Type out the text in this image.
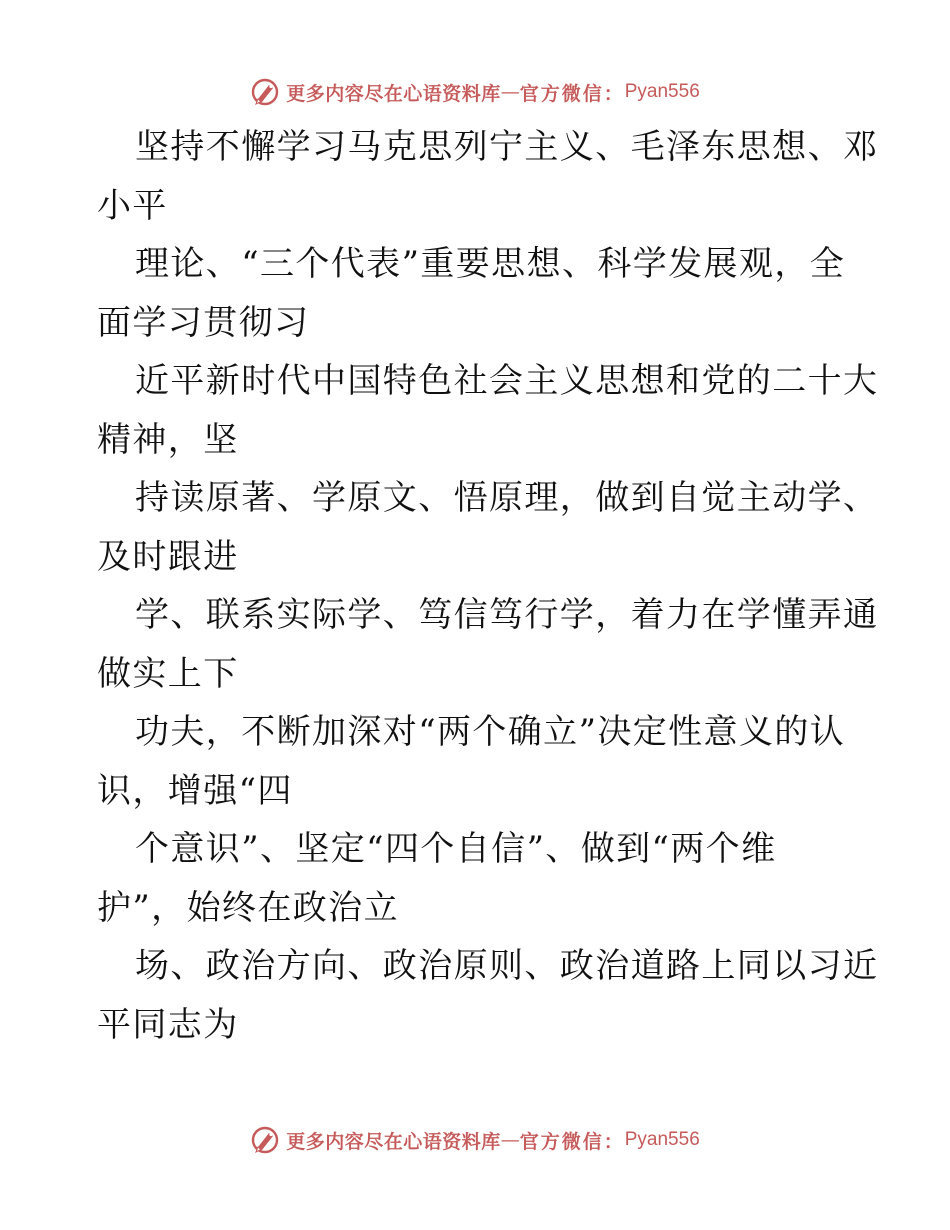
更多内容尽在心语资料库 — 官方微信： Pyan556
坚持不懈学习马克思列宁主义、毛泽东思想、邓
小平
理论、“三个代表”重要思想、科学发展观，全
面学习贯彻习
近平新时代中国特色社会主义思想和党的二十大
精神，坚
持读原著、学原文、悟原理，做到自觉主动学、
及时跟进
学、联系实际学、笃信笃行学，着力在学懂弄通
做实上下
功夫，不断加深对“两个确立”决定性意义的认
识，增强“四
个意识”、坚定“四个自信”、做到“两个维
护”，始终在政治立
场、政治方向、政治原则、政治道路上同以习近
平同志为
更多内容尽在心语资料库 — 官方微信： Pyan556
